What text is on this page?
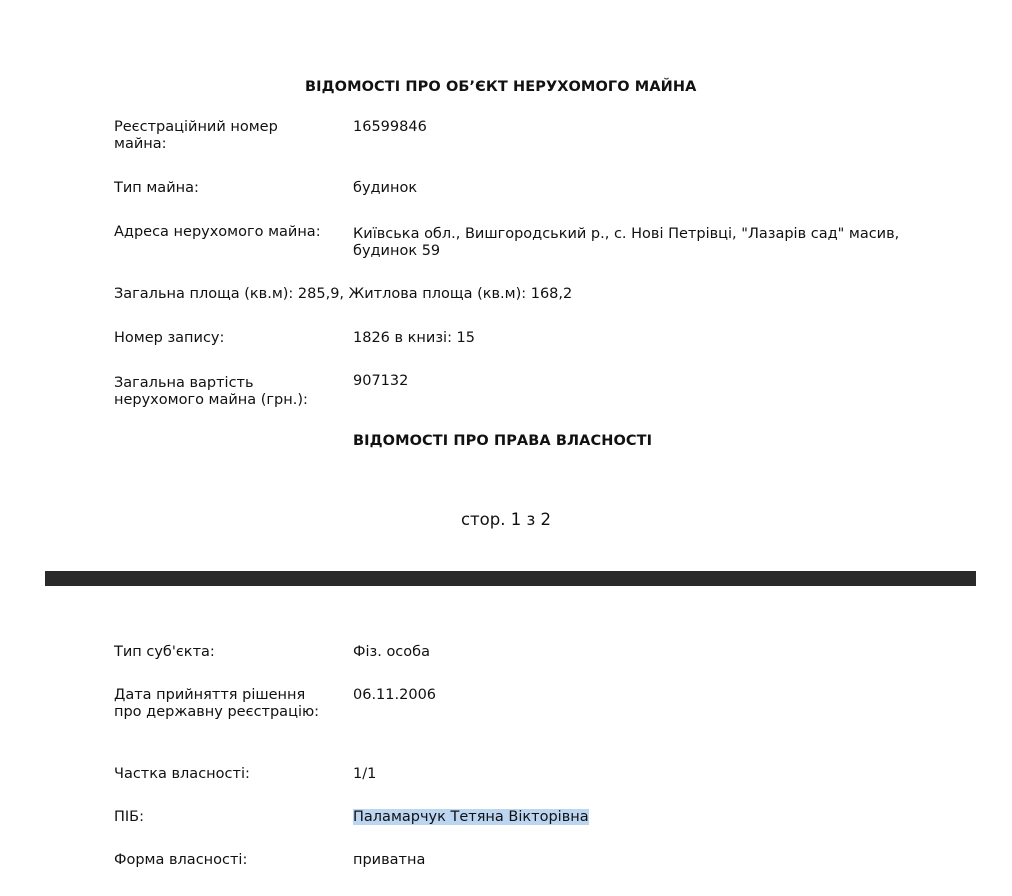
ВІДОМОСТІ ПРО ОБ’ЄКТ НЕРУХОМОГО МАЙНА
Реєстраційний номер майна:
16599846
Тип майна:	будинок
Адреса нерухомого майна:	Київська обл., Вишгородський р., с. Нові Петрівці, "Лазарів сад" масив, будинок 59
Загальна площа (кв.м): 285,9, Житлова площа (кв.м): 168,2
Номер запису:	1826 в книзі: 15
Загальна вартість нерухомого майна (грн.):
907132
ВІДОМОСТІ ПРО ПРАВА ВЛАСНОСТІ
стор. 1 з 2
Тип суб'єкта:	Фіз. особа
Дата прийняття рішення про державну реєстрацію:
06.11.2006
Частка власності:	1/1
ПІБ:	Паламарчук Тетяна Вікторівна
Форма власності:	приватна
